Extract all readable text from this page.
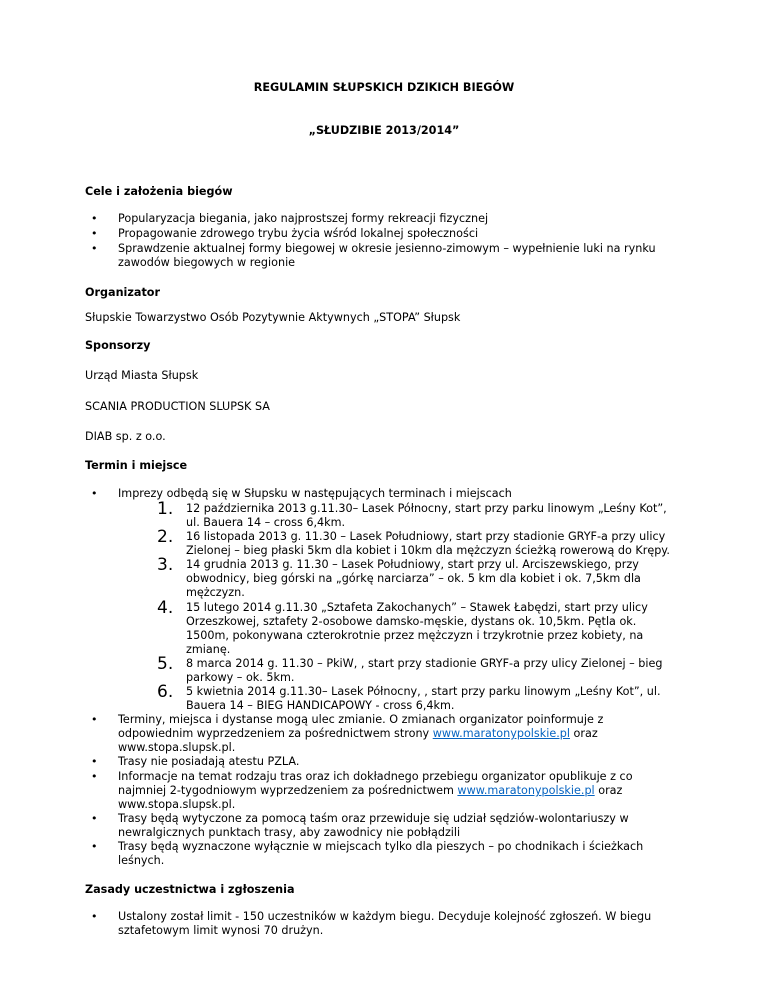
REGULAMIN SŁUPSKICH DZIKICH BIEGÓW
„SŁUDZIBIE 2013/2014”
Cele i założenia biegów
• Popularyzacja biegania, jako najprostszej formy rekreacji fizycznej
• Propagowanie zdrowego trybu życia wśród lokalnej społeczności
• Sprawdzenie aktualnej formy biegowej w okresie jesienno-zimowym – wypełnienie luki na rynku
zawodów biegowych w regionie
Organizator
Słupskie Towarzystwo Osób Pozytywnie Aktywnych „STOPA” Słupsk
Sponsorzy
Urząd Miasta Słupsk
SCANIA PRODUCTION SLUPSK SA
DIAB sp. z o.o.
Termin i miejsce
• Imprezy odbędą się w Słupsku w następujących terminach i miejscach
1. 12 października 2013 g.11.30– Lasek Północny, start przy parku linowym „Leśny Kot”,
ul. Bauera 14 – cross 6,4km.
2. 16 listopada 2013 g. 11.30 – Lasek Południowy, start przy stadionie GRYF-a przy ulicy
Zielonej – bieg płaski 5km dla kobiet i 10km dla mężczyzn ścieżką rowerową do Krępy.
3. 14 grudnia 2013 g. 11.30 – Lasek Południowy, start przy ul. Arciszewskiego, przy
obwodnicy, bieg górski na „górkę narciarza” – ok. 5 km dla kobiet i ok. 7,5km dla
mężczyzn.
4. 15 lutego 2014 g.11.30 „Sztafeta Zakochanych” – Stawek Łabędzi, start przy ulicy
Orzeszkowej, sztafety 2-osobowe damsko-męskie, dystans ok. 10,5km. Pętla ok.
1500m, pokonywana czterokrotnie przez mężczyzn i trzykrotnie przez kobiety, na
zmianę.
5. 8 marca 2014 g. 11.30 – PkiW, , start przy stadionie GRYF-a przy ulicy Zielonej – bieg
parkowy – ok. 5km.
6. 5 kwietnia 2014 g.11.30– Lasek Północny, , start przy parku linowym „Leśny Kot”, ul.
Bauera 14 – BIEG HANDICAPOWY - cross 6,4km.
• Terminy, miejsca i dystanse mogą ulec zmianie. O zmianach organizator poinformuje z
odpowiednim wyprzedzeniem za pośrednictwem strony www.maratonypolskie.pl oraz
www.stopa.slupsk.pl.
• Trasy nie posiadają atestu PZLA.
• Informacje na temat rodzaju tras oraz ich dokładnego przebiegu organizator opublikuje z co
najmniej 2-tygodniowym wyprzedzeniem za pośrednictwem www.maratonypolskie.pl oraz
www.stopa.slupsk.pl.
• Trasy będą wytyczone za pomocą taśm oraz przewiduje się udział sędziów-wolontariuszy w
newralgicznych punktach trasy, aby zawodnicy nie pobłądzili
• Trasy będą wyznaczone wyłącznie w miejscach tylko dla pieszych – po chodnikach i ścieżkach
leśnych.
Zasady uczestnictwa i zgłoszenia
• Ustalony został limit - 150 uczestników w każdym biegu. Decyduje kolejność zgłoszeń. W biegu
sztafetowym limit wynosi 70 drużyn.
